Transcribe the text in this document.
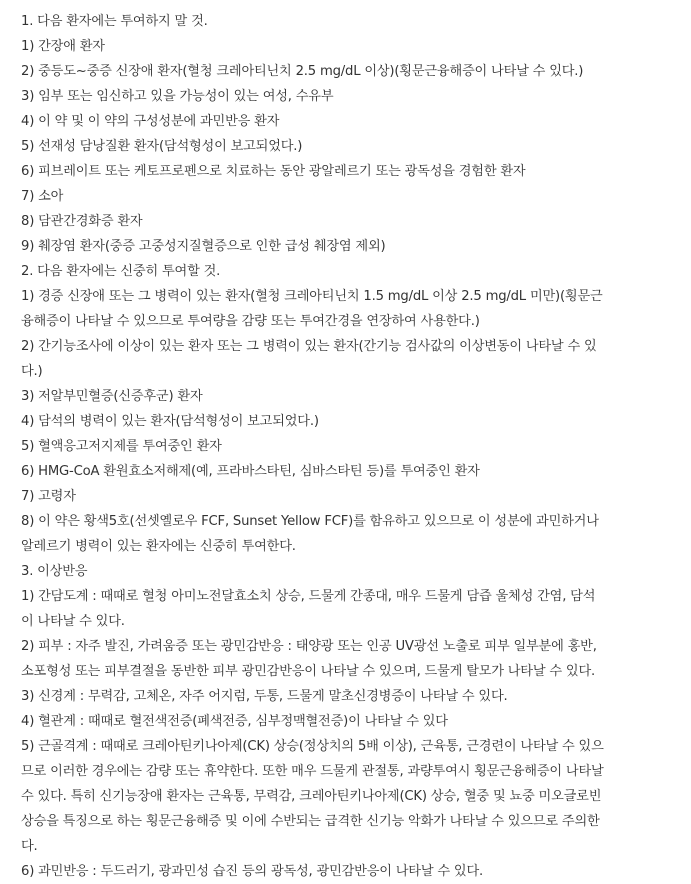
1. 다음 환자에는 투여하지 말 것.
1) 간장애 환자
2) 중등도~중증 신장애 환자(혈청 크레아티닌치 2.5 mg/dL 이상)(횡문근융해증이 나타날 수 있다.)
3) 임부 또는 임신하고 있을 가능성이 있는 여성, 수유부
4) 이 약 및 이 약의 구성성분에 과민반응 환자
5) 선재성 담낭질환 환자(담석형성이 보고되었다.)
6) 피브레이트 또는 케토프로펜으로 치료하는 동안 광알레르기 또는 광독성을 경험한 환자
7) 소아
8) 담관간경화증 환자
9) 췌장염 환자(중증 고중성지질혈증으로 인한 급성 췌장염 제외)
2. 다음 환자에는 신중히 투여할 것.
1) 경증 신장애 또는 그 병력이 있는 환자(혈청 크레아티닌치 1.5 mg/dL 이상 2.5 mg/dL 미만)(횡문근
융해증이 나타날 수 있으므로 투여량을 감량 또는 투여간경을 연장하여 사용한다.)
2) 간기능조사에 이상이 있는 환자 또는 그 병력이 있는 환자(간기능 검사값의 이상변동이 나타날 수 있
다.)
3) 저알부민혈증(신증후군) 환자
4) 담석의 병력이 있는 환자(담석형성이 보고되었다.)
5) 혈액응고저지제를 투여중인 환자
6) HMG-CoA 환원효소저해제(예, 프라바스타틴, 심바스타틴 등)를 투여중인 환자
7) 고령자
8) 이 약은 황색5호(선셋옐로우 FCF, Sunset Yellow FCF)를 함유하고 있으므로 이 성분에 과민하거나
알레르기 병력이 있는 환자에는 신중히 투여한다.
3. 이상반응
1) 간담도계 : 때때로 혈청 아미노전달효소치 상승, 드물게 간종대, 매우 드물게 담즙 울체성 간염, 담석
이 나타날 수 있다.
2) 피부 : 자주 발진, 가려움증 또는 광민감반응 : 태양광 또는 인공 UV광선 노출로 피부 일부분에 홍반,
소포형성 또는 피부결절을 동반한 피부 광민감반응이 나타날 수 있으며, 드물게 탈모가 나타날 수 있다.
3) 신경계 : 무력감, 고체온, 자주 어지럼, 두통, 드물게 말초신경병증이 나타날 수 있다.
4) 혈관계 : 때때로 혈전색전증(폐색전증, 심부정맥혈전증)이 나타날 수 있다
5) 근골격계 : 때때로 크레아틴키나아제(CK) 상승(정상치의 5배 이상), 근육통, 근경련이 나타날 수 있으
므로 이러한 경우에는 감량 또는 휴약한다. 또한 매우 드물게 관절통, 과량투여시 횡문근융해증이 나타날
수 있다. 특히 신기능장애 환자는 근육통, 무력감, 크레아틴키나아제(CK) 상승, 혈중 및 뇨중 미오글로빈
상승을 특징으로 하는 횡문근융해증 및 이에 수반되는 급격한 신기능 악화가 나타날 수 있으므로 주의한
다.
6) 과민반응 : 두드러기, 광과민성 습진 등의 광독성, 광민감반응이 나타날 수 있다.
